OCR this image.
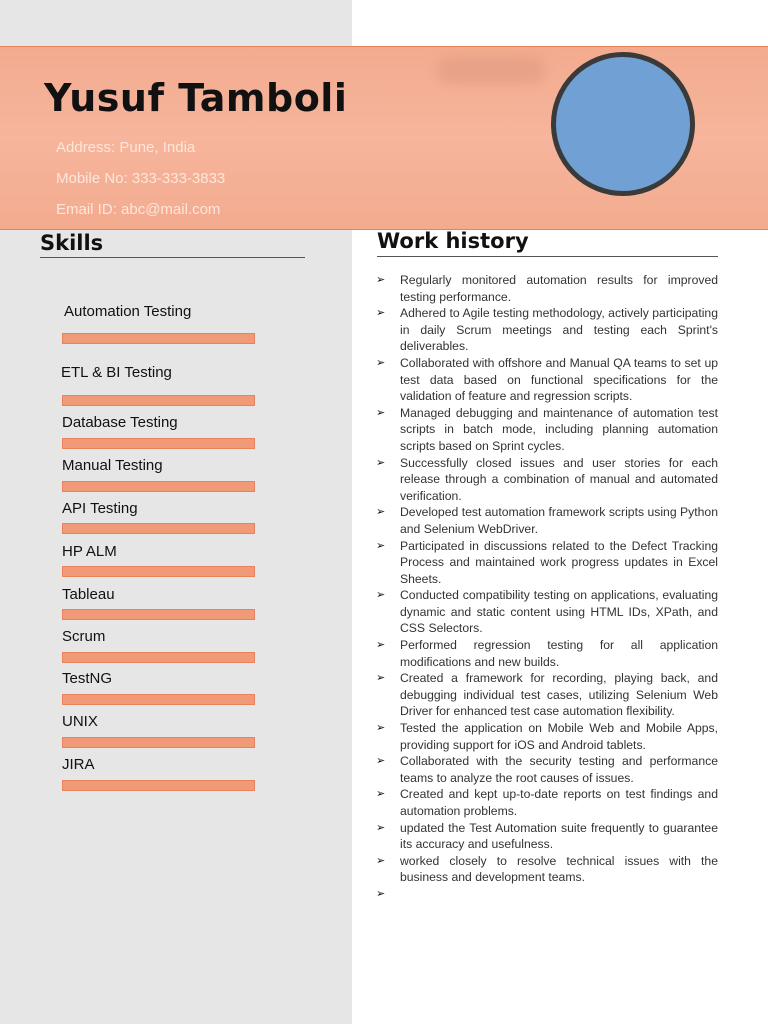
Yusuf Tamboli
Address: Pune, India
Mobile No: 333-333-3833
Email ID: abc@mail.com
Skills
Automation Testing
ETL & BI Testing
Database Testing
Manual Testing
API Testing
HP ALM
Tableau
Scrum
TestNG
UNIX
JIRA
Work history
➢ Regularly monitored automation results for improved testing performance.
➢ Adhered to Agile testing methodology, actively participating in daily Scrum meetings and testing each Sprint's deliverables.
➢ Collaborated with offshore and Manual QA teams to set up test data based on functional specifications for the validation of feature and regression scripts.
➢ Managed debugging and maintenance of automation test scripts in batch mode, including planning automation scripts based on Sprint cycles.
➢ Successfully closed issues and user stories for each release through a combination of manual and automated verification.
➢ Developed test automation framework scripts using Python and Selenium WebDriver.
➢ Participated in discussions related to the Defect Tracking Process and maintained work progress updates in Excel Sheets.
➢ Conducted compatibility testing on applications, evaluating dynamic and static content using HTML IDs, XPath, and CSS Selectors.
➢ Performed regression testing for all application modifications and new builds.
➢ Created a framework for recording, playing back, and debugging individual test cases, utilizing Selenium Web Driver for enhanced test case automation flexibility.
➢ Tested the application on Mobile Web and Mobile Apps, providing support for iOS and Android tablets.
➢ Collaborated with the security testing and performance teams to analyze the root causes of issues.
➢ Created and kept up-to-date reports on test findings and automation problems.
➢ updated the Test Automation suite frequently to guarantee its accuracy and usefulness.
➢ worked closely to resolve technical issues with the business and development teams.
➢
